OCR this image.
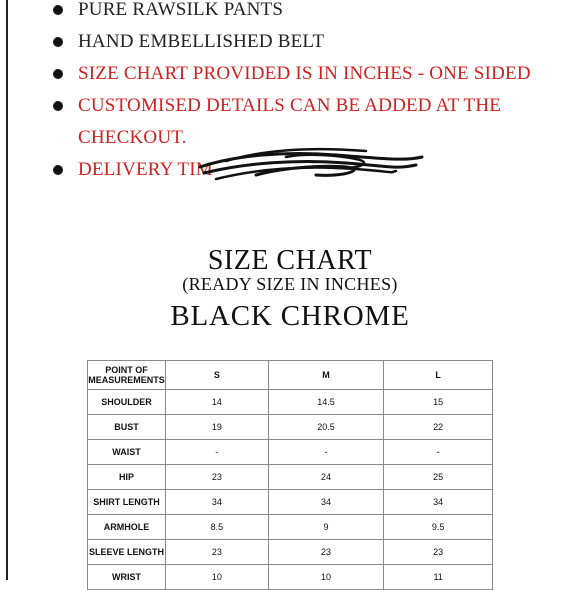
PURE RAWSILK PANTS
HAND EMBELLISHED BELT
SIZE CHART PROVIDED IS IN INCHES - ONE SIDED
CUSTOMISED DETAILS CAN BE ADDED AT THE CHECKOUT.
DELIVERY TIM
SIZE CHART
(READY SIZE IN INCHES)
BLACK CHROME
POINT OF MEASUREMENTS	S	M	L
SHOULDER	14	14.5	15
BUST	19	20.5	22
WAIST	-	-	-
HIP	23	24	25
SHIRT LENGTH	34	34	34
ARMHOLE	8.5	9	9.5
SLEEVE LENGTH	23	23	23
WRIST	10	10	11
